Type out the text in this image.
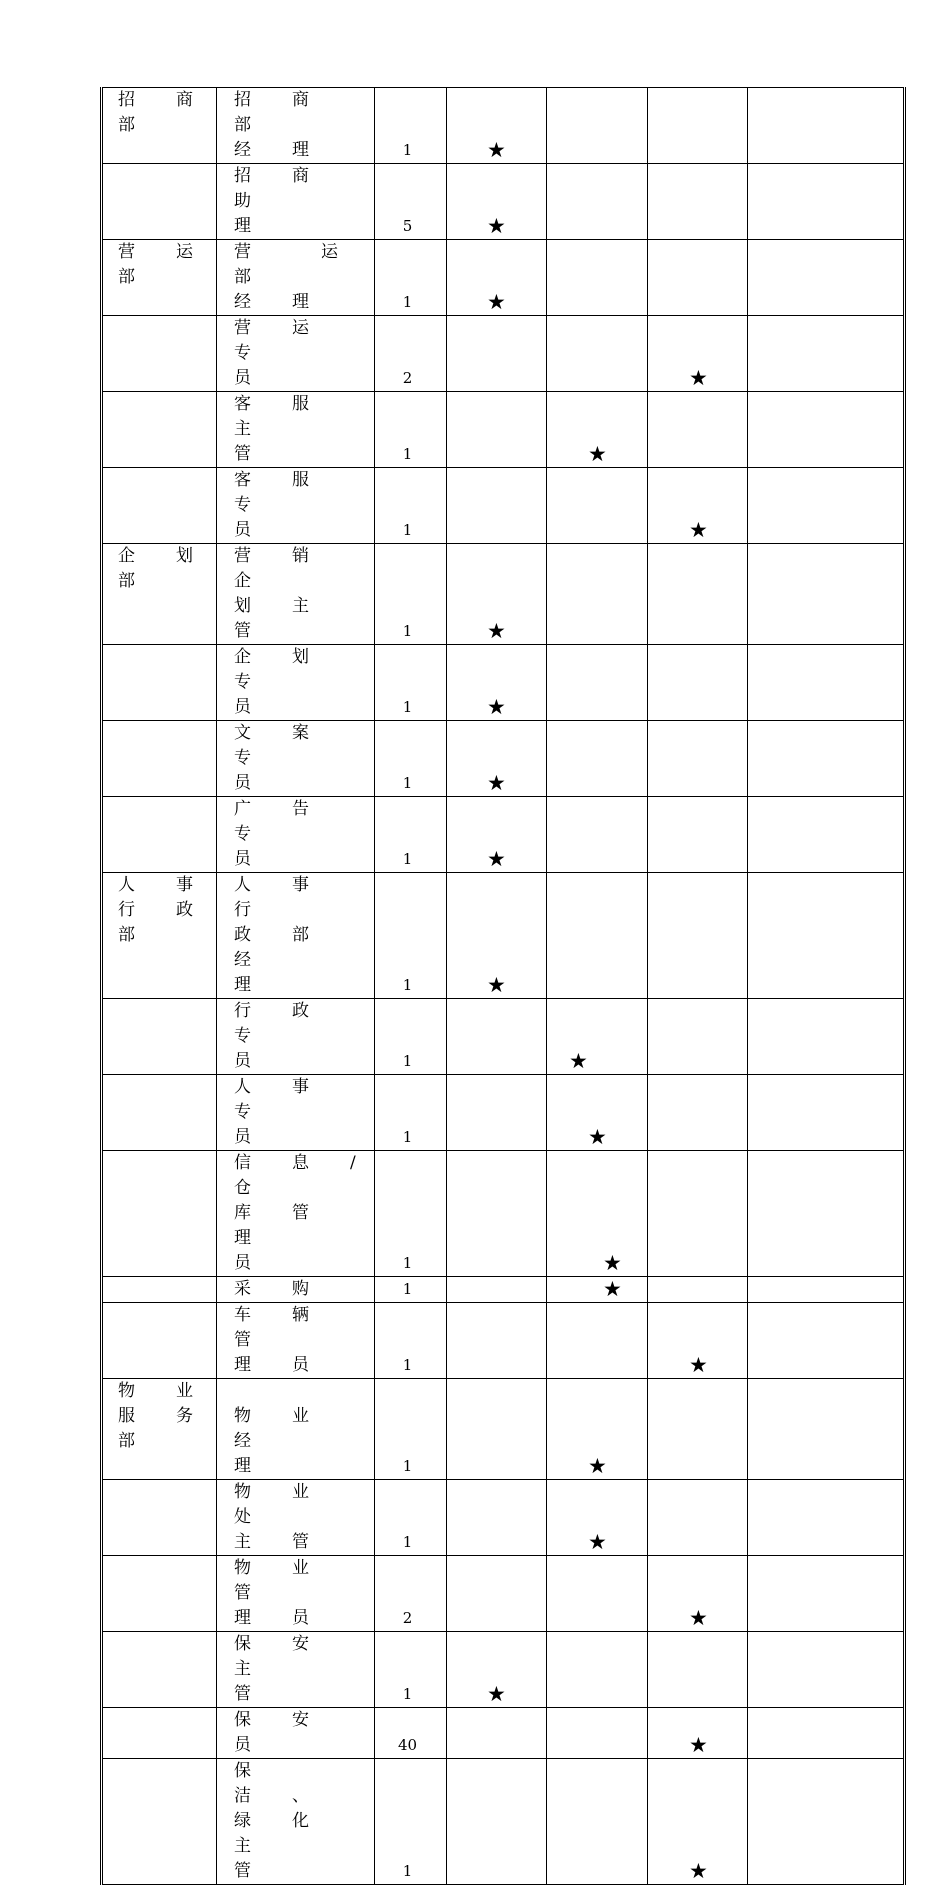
招　商
部	招　商　部
经　理	1	★			
	招　商　助
理	5	★			
营　运
部	营　　运　　部
经　理	1	★			
	营　运　专
员	2			★	
	客　服　主
管	1		★		
	客　服　专
员	1			★	
企　划
部	营　销　企
划　主　管	1	★			
	企　划　专
员	1	★			
	文　案　专
员	1	★			
	广　告　专
员	1	★			
人　事
行　政
部	人　事　行
政　部　经
理	1	★			
	行　政　专
员	1		★		
	人　事　专
员	1		★		
	信　息　/仓
库　管　理
员	1		★		
	采　购	1		★		
	车　辆　管
理　员	1			★	
物　业
服　务
部	
物　业　经
理	1		★		
	物　业　处
主　管	1		★		
	物　业　管
理　员	2			★	
	保　安　主
管	1	★			
	保　安　员	40			★	
	保　洁　、
绿　化　主
管	1			★	
